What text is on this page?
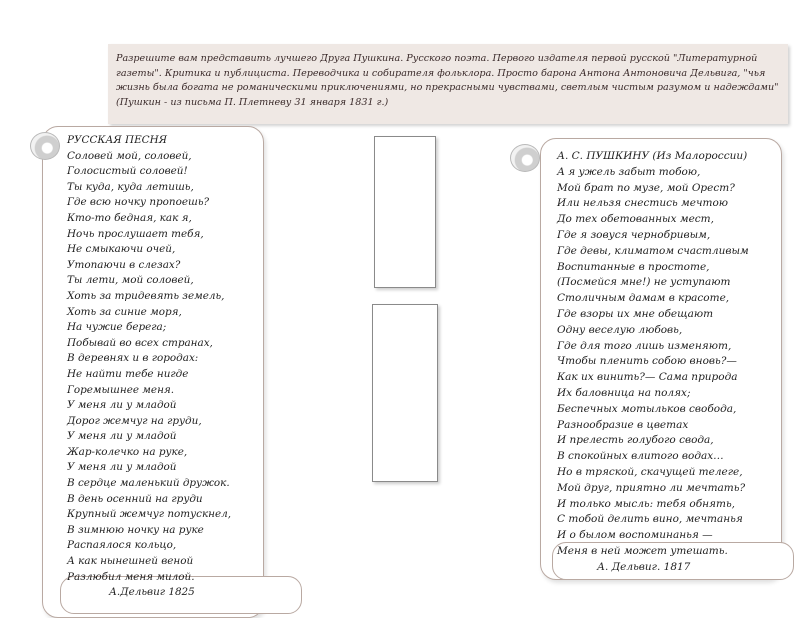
Разрешите вам представить лучшего Друга Пушкина. Русского поэта. Первого издателя первой русской "Литературной газеты". Критика и публициста. Переводчика и собирателя фольклора. Просто барона Антона Антоновича Дельвига, "чья жизнь была богата не романическими приключениями, но прекрасными чувствами, светлым чистым разумом и надеждами" (Пушкин - из письма П. Плетневу 31 января 1831 г.)
РУССКАЯ ПЕСНЯ
Соловей мой, соловей,
Голосистый соловей!
Ты куда, куда летишь,
Где всю ночку пропоешь?
Кто-то бедная, как я,
Ночь прослушает тебя,
Не смыкаючи очей,
Утопаючи в слезах?
Ты лети, мой соловей,
Хоть за тридевять земель,
Хоть за синие моря,
На чужие берега;
Побывай во всех странах,
В деревнях и в городах:
Не найти тебе нигде
Горемышнее меня.
У меня ли у младой
Дорог жемчуг на груди,
У меня ли у младой
Жар-колечко на руке,
У меня ли у младой
В сердце маленький дружок.
В день осенний на груди
Крупный жемчуг потускнел,
В зимнюю ночку на руке
Распаялося кольцо,
А как нынешней веной
Разлюбил меня милой.
А.Дельвиг 1825
А. С. ПУШКИНУ (Из Малороссии)
А я ужель забыт тобою,
Мой брат по музе, мой Орест?
Или нельзя снестись мечтою
До тех обетованных мест,
Где я зовуся чернобривым,
Где девы, климатом счастливым
Воспитанные в простоте,
(Посмейся мне!) не уступают
Столичным дамам в красоте,
Где взоры их мне обещают
Одну веселую любовь,
Где для того лишь изменяют,
Чтобы пленить собою вновь?—
Как их винить?— Сама природа
Их баловница на полях;
Беспечных мотыльков свобода,
Разнообразие в цветах
И прелесть голубого свода,
В спокойных влитого водах…
Но в тряской, скачущей телеге,
Мой друг, приятно ли мечтать?
И только мысль: тебя обнять,
С тобой делить вино, мечтанья
И о былом воспоминанья —
Меня в ней может утешать.
А. Дельвиг. 1817
